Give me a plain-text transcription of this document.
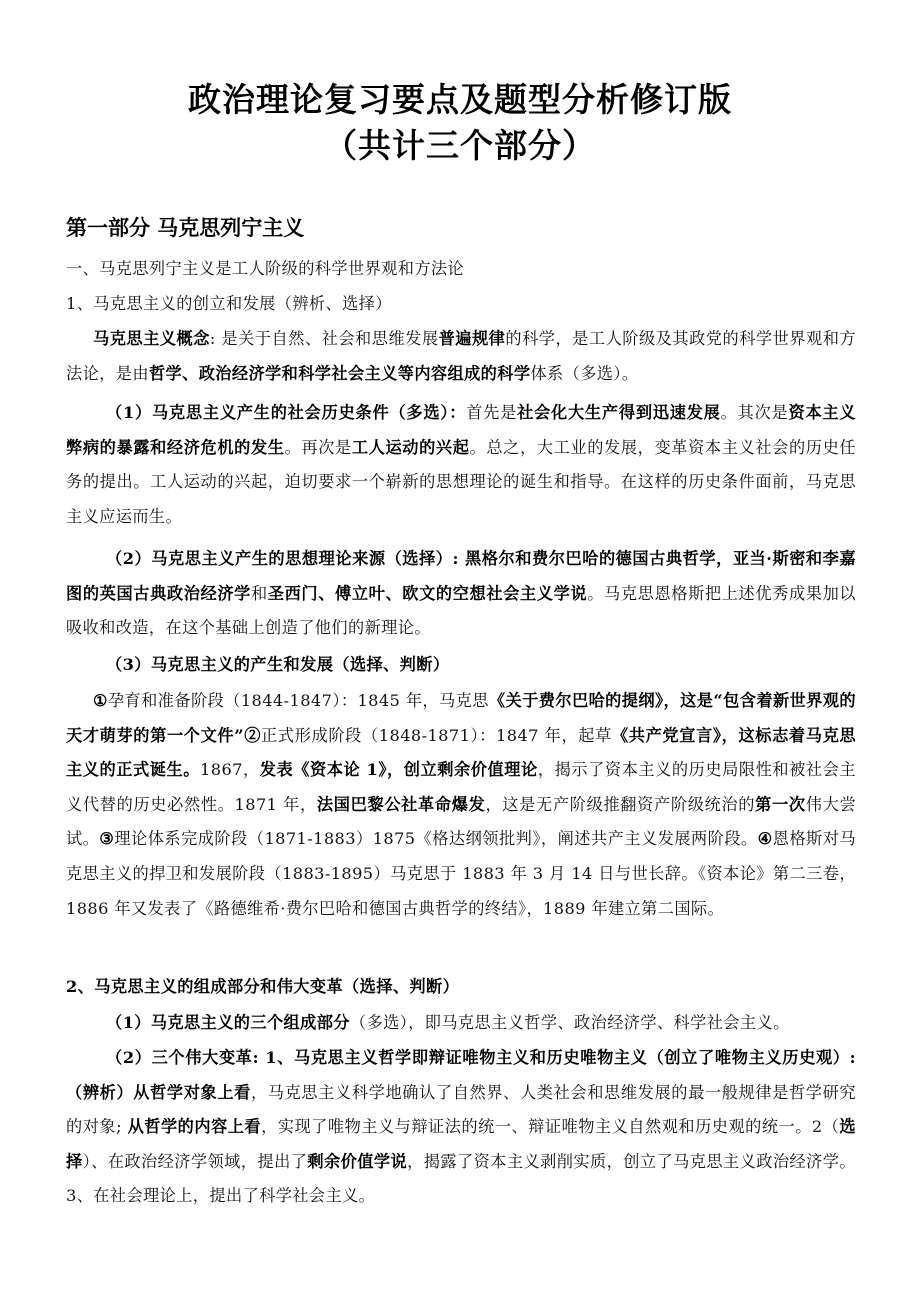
政治理论复习要点及题型分析修订版
（共计三个部分）
第一部分 马克思列宁主义

一、马克思列宁主义是工人阶级的科学世界观和方法论

1、马克思主义的创立和发展（辨析、选择）

马克思主义概念: 是关于自然、社会和思维发展普遍规律的科学，是工人阶级及其政党的科学世界观和方法论，是由哲学、政治经济学和科学社会主义等内容组成的科学体系（多选）。

（1）马克思主义产生的社会历史条件（多选）：首先是社会化大生产得到迅速发展。其次是资本主义弊病的暴露和经济危机的发生。再次是工人运动的兴起。总之，大工业的发展，变革资本主义社会的历史任务的提出。工人运动的兴起，迫切要求一个崭新的思想理论的诞生和指导。在这样的历史条件面前，马克思主义应运而生。

（2）马克思主义产生的思想理论来源（选择）: 黑格尔和费尔巴哈的德国古典哲学，亚当·斯密和李嘉图的英国古典政治经济学和圣西门、傅立叶、欧文的空想社会主义学说。马克思恩格斯把上述优秀成果加以吸收和改造，在这个基础上创造了他们的新理论。

（3）马克思主义的产生和发展（选择、判断）

①孕育和准备阶段（1844-1847）：1845 年，马克思《关于费尔巴哈的提纲》，这是“包含着新世界观的天才萌芽的第一个文件”②正式形成阶段（1848-1871）：1847 年，起草《共产党宣言》，这标志着马克思主义的正式诞生。1867，发表《资本论 1》，创立剩余价值理论，揭示了资本主义的历史局限性和被社会主义代替的历史必然性。1871 年，法国巴黎公社革命爆发，这是无产阶级推翻资产阶级统治的第一次伟大尝试。③理论体系完成阶段（1871-1883）1875《格达纲领批判》，阐述共产主义发展两阶段。④恩格斯对马克思主义的捍卫和发展阶段（1883-1895）马克思于 1883 年 3 月 14 日与世长辞。《资本论》第二三卷，1886 年又发表了《路德维希·费尔巴哈和德国古典哲学的终结》，1889 年建立第二国际。

2、马克思主义的组成部分和伟大变革（选择、判断）

（1）马克思主义的三个组成部分（多选），即马克思主义哲学、政治经济学、科学社会主义。

（2）三个伟大变革: 1、马克思主义哲学即辩证唯物主义和历史唯物主义（创立了唯物主义历史观）:（辨析）从哲学对象上看，马克思主义科学地确认了自然界、人类社会和思维发展的最一般规律是哲学研究的对象; 从哲学的内容上看，实现了唯物主义与辩证法的统一、辩证唯物主义自然观和历史观的统一。2（选择）、在政治经济学领域，提出了剩余价值学说，揭露了资本主义剥削实质，创立了马克思主义政治经济学。3、在社会理论上，提出了科学社会主义。
